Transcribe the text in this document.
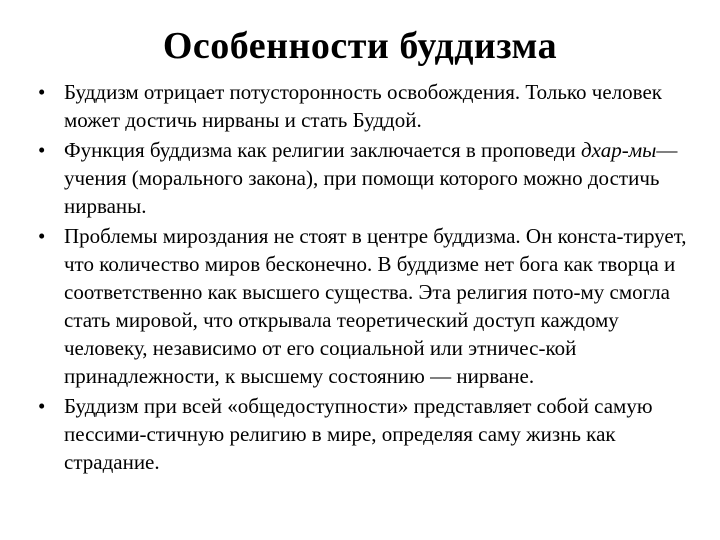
Особенности буддизма
• Буддизм отрицает потусторонность освобождения. Только человек может достичь нирваны и стать Буддой.
• Функция буддизма как религии заключается в проповеди дхар-мы— учения (морального закона), при помощи которого можно достичь нирваны.
• Проблемы мироздания не стоят в центре буддизма. Он конста-тирует, что количество миров бесконечно. В буддизме нет бога как творца и соответственно как высшего существа. Эта религия пото-му смогла стать мировой, что открывала теоретический доступ каждому человеку, независимо от его социальной или этничес-кой принадлежности, к высшему состоянию — нирване.
• Буддизм при всей «общедоступности» представляет собой самую пессими-стичную религию в мире, определяя саму жизнь как страдание.
